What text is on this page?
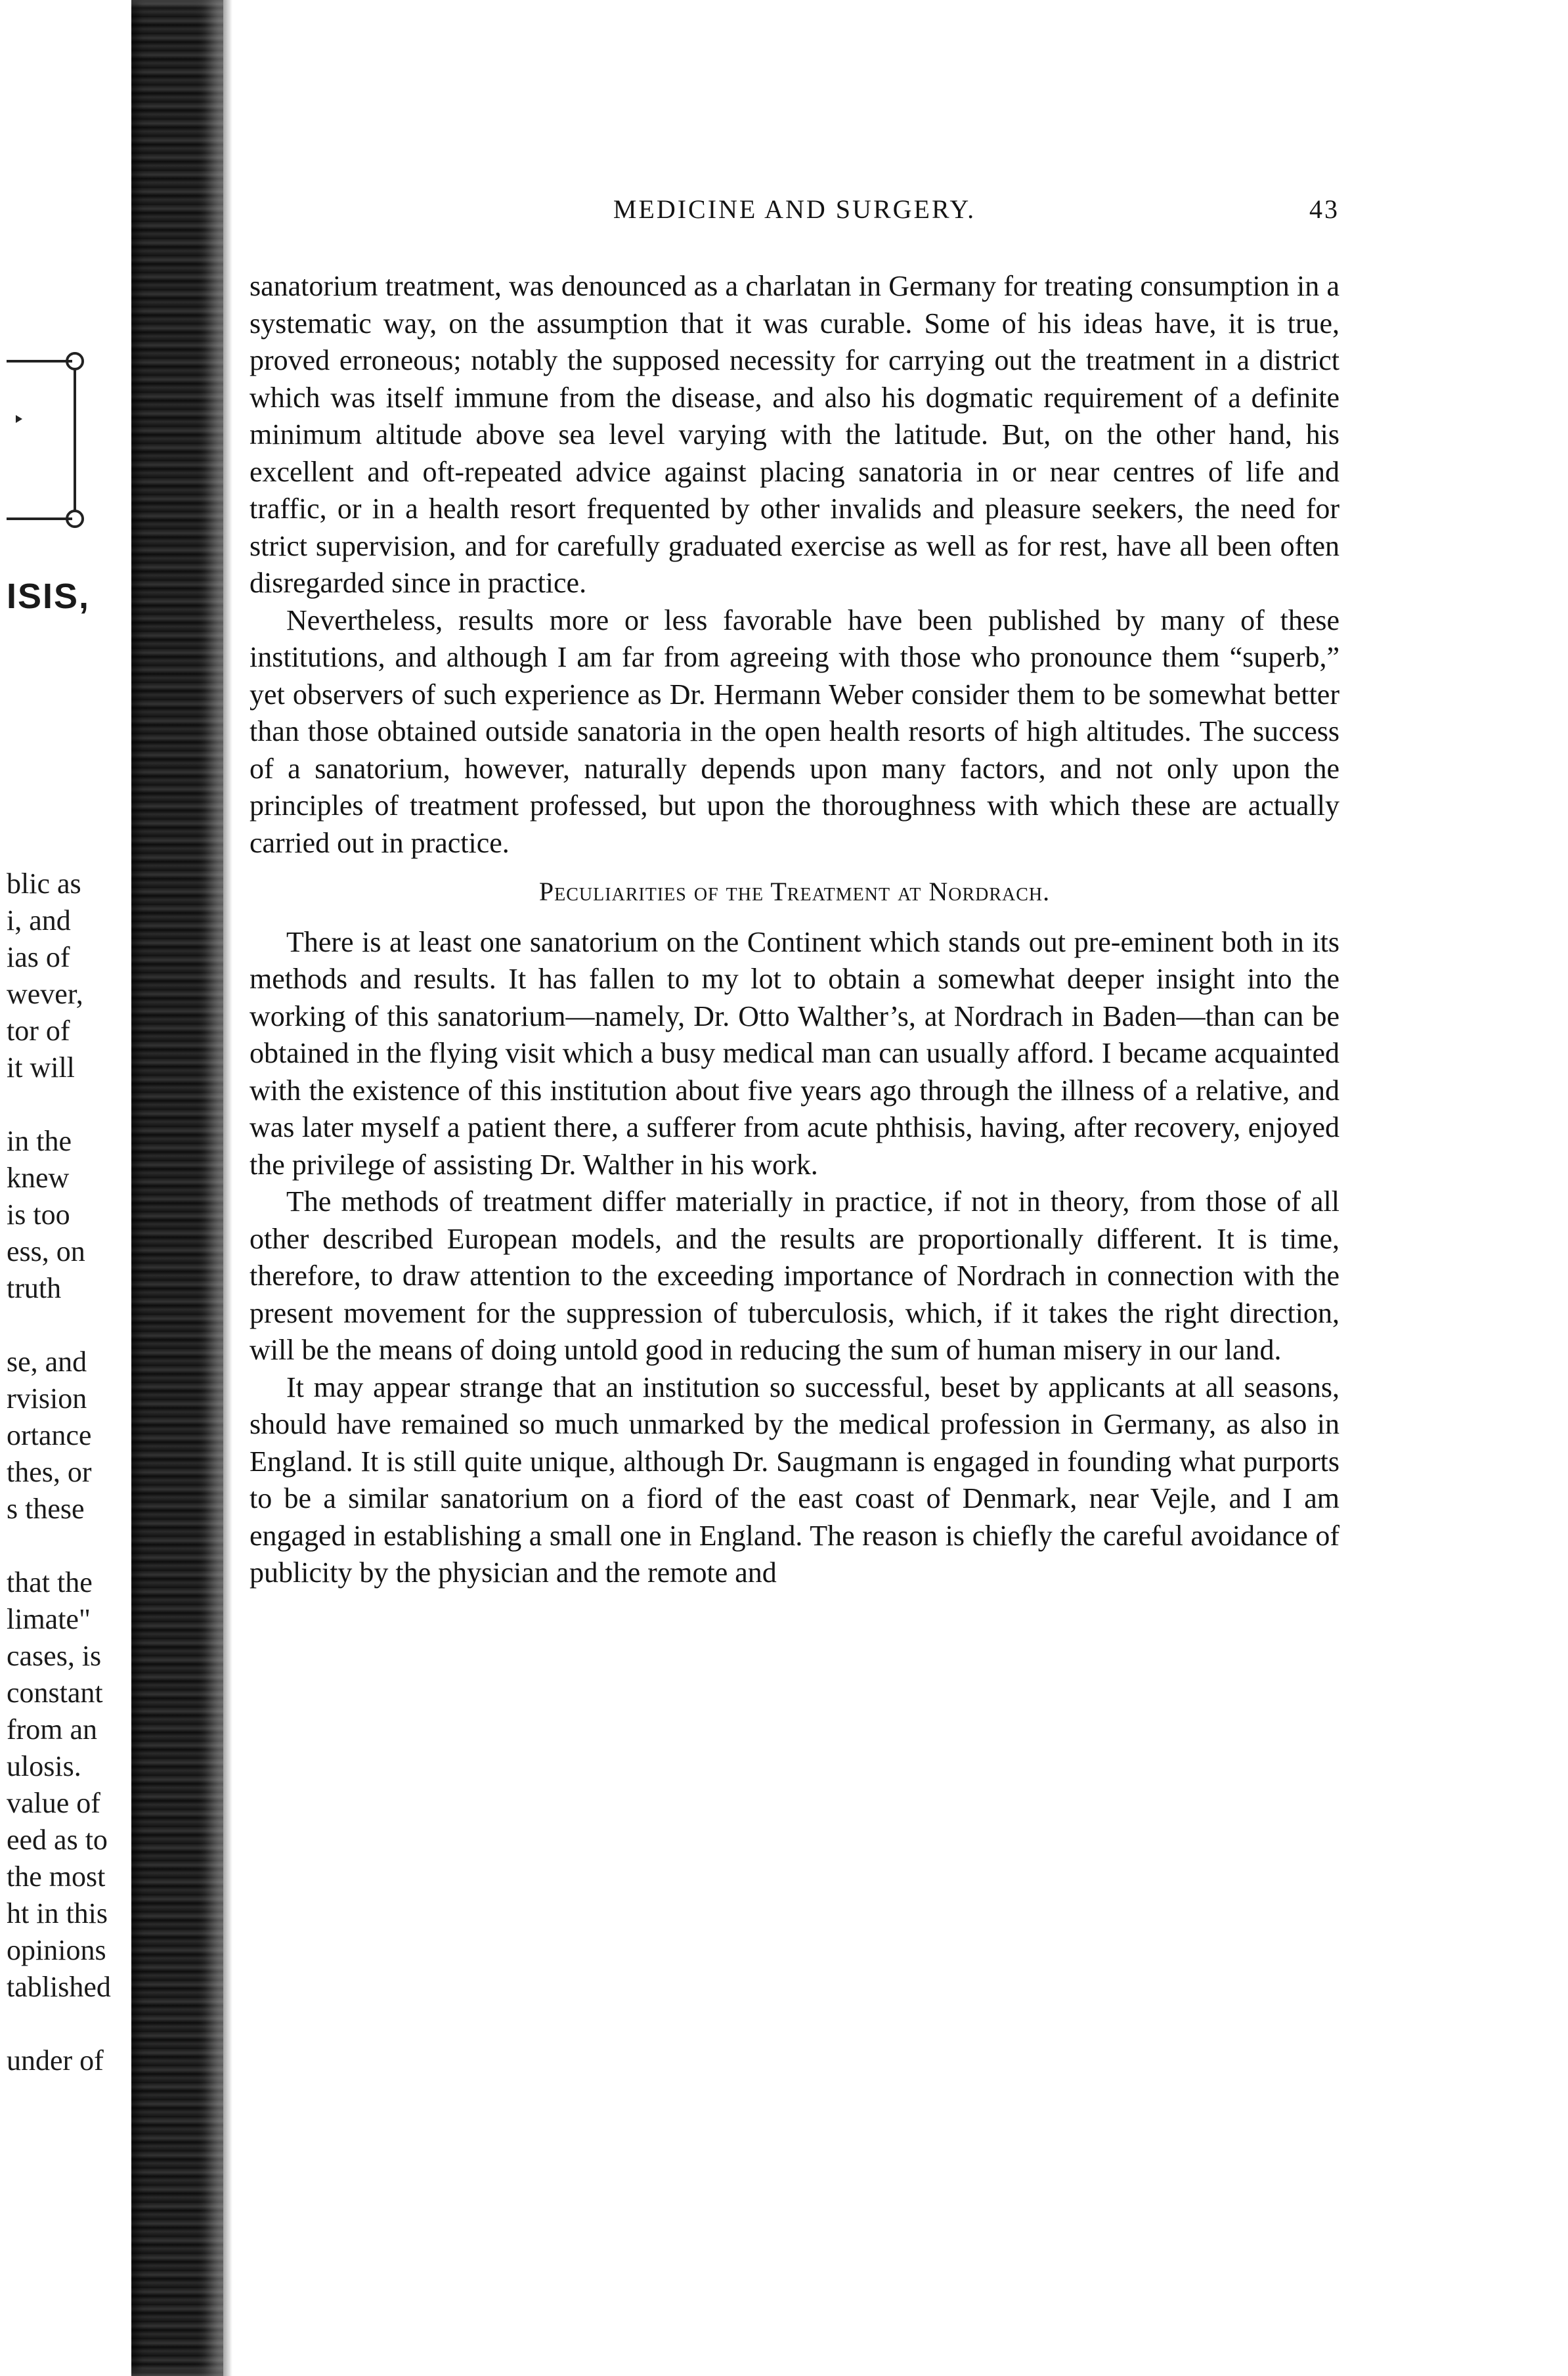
ISIS,
blic as
i, and
ias of
wever,
tor of
it will
in the
knew
is too
ess, on
truth
se, and
rvision
ortance
thes, or
s these
that the
limate"
cases, is
constant
from an
ulosis.
value of
eed as to
the most
ht in this
opinions
tablished
under of
MEDICINE AND SURGERY.	43

sanatorium treatment, was denounced as a charlatan in Germany for treating consumption in a systematic way, on the assumption that it was curable. Some of his ideas have, it is true, proved erroneous; notably the supposed necessity for carrying out the treatment in a district which was itself immune from the disease, and also his dogmatic requirement of a definite minimum altitude above sea level varying with the latitude. But, on the other hand, his excellent and oft-repeated advice against placing sanatoria in or near centres of life and traffic, or in a health resort frequented by other invalids and pleasure seekers, the need for strict supervision, and for carefully graduated exercise as well as for rest, have all been often disregarded since in practice.

Nevertheless, results more or less favorable have been published by many of these institutions, and although I am far from agreeing with those who pronounce them “superb,” yet observers of such experience as Dr. Hermann Weber consider them to be somewhat better than those obtained outside sanatoria in the open health resorts of high altitudes. The success of a sanatorium, however, naturally depends upon many factors, and not only upon the principles of treatment professed, but upon the thoroughness with which these are actually carried out in practice.

Peculiarities of the Treatment at Nordrach.

There is at least one sanatorium on the Continent which stands out pre-eminent both in its methods and results. It has fallen to my lot to obtain a somewhat deeper insight into the working of this sanatorium—namely, Dr. Otto Walther’s, at Nordrach in Baden—than can be obtained in the flying visit which a busy medical man can usually afford. I became acquainted with the existence of this institution about five years ago through the illness of a relative, and was later myself a patient there, a sufferer from acute phthisis, having, after recovery, enjoyed the privilege of assisting Dr. Walther in his work.

The methods of treatment differ materially in practice, if not in theory, from those of all other described European models, and the results are proportionally different. It is time, therefore, to draw attention to the exceeding importance of Nordrach in connection with the present movement for the suppression of tuberculosis, which, if it takes the right direction, will be the means of doing untold good in reducing the sum of human misery in our land.

It may appear strange that an institution so successful, beset by applicants at all seasons, should have remained so much unmarked by the medical profession in Germany, as also in England. It is still quite unique, although Dr. Saugmann is engaged in founding what purports to be a similar sanatorium on a fiord of the east coast of Denmark, near Vejle, and I am engaged in establishing a small one in England. The reason is chiefly the careful avoidance of publicity by the physician and the remote and
